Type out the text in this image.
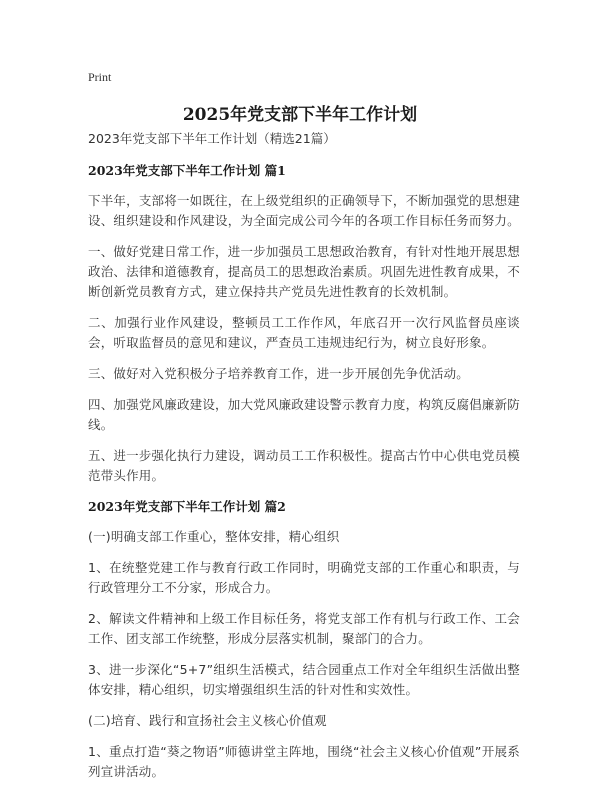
Print
2025年党支部下半年工作计划

2023年党支部下半年工作计划（精选21篇）

2023年党支部下半年工作计划 篇1

下半年，支部将一如既往，在上级党组织的正确领导下，不断加强党的思想建设、组织建设和作风建设，为全面完成公司今年的各项工作目标任务而努力。

一、做好党建日常工作，进一步加强员工思想政治教育，有针对性地开展思想政治、法律和道德教育，提高员工的思想政治素质。巩固先进性教育成果，不断创新党员教育方式，建立保持共产党员先进性教育的长效机制。

二、加强行业作风建设，整顿员工工作作风，年底召开一次行风监督员座谈会，听取监督员的意见和建议，严查员工违规违纪行为，树立良好形象。

三、做好对入党积极分子培养教育工作，进一步开展创先争优活动。

四、加强党风廉政建设，加大党风廉政建设警示教育力度，构筑反腐倡廉新防线。

五、进一步强化执行力建设，调动员工工作积极性。提高古竹中心供电党员模范带头作用。

2023年党支部下半年工作计划 篇2

(一)明确支部工作重心，整体安排，精心组织

1、在统整党建工作与教育行政工作同时，明确党支部的工作重心和职责，与行政管理分工不分家，形成合力。

2、解读文件精神和上级工作目标任务，将党支部工作有机与行政工作、工会工作、团支部工作统整，形成分层落实机制，聚部门的合力。

3、进一步深化“5+7”组织生活模式，结合园重点工作对全年组织生活做出整体安排，精心组织，切实增强组织生活的针对性和实效性。

(二)培育、践行和宣扬社会主义核心价值观

1、重点打造“葵之物语”师德讲堂主阵地，围绕“社会主义核心价值观”开展系列宣讲活动。
